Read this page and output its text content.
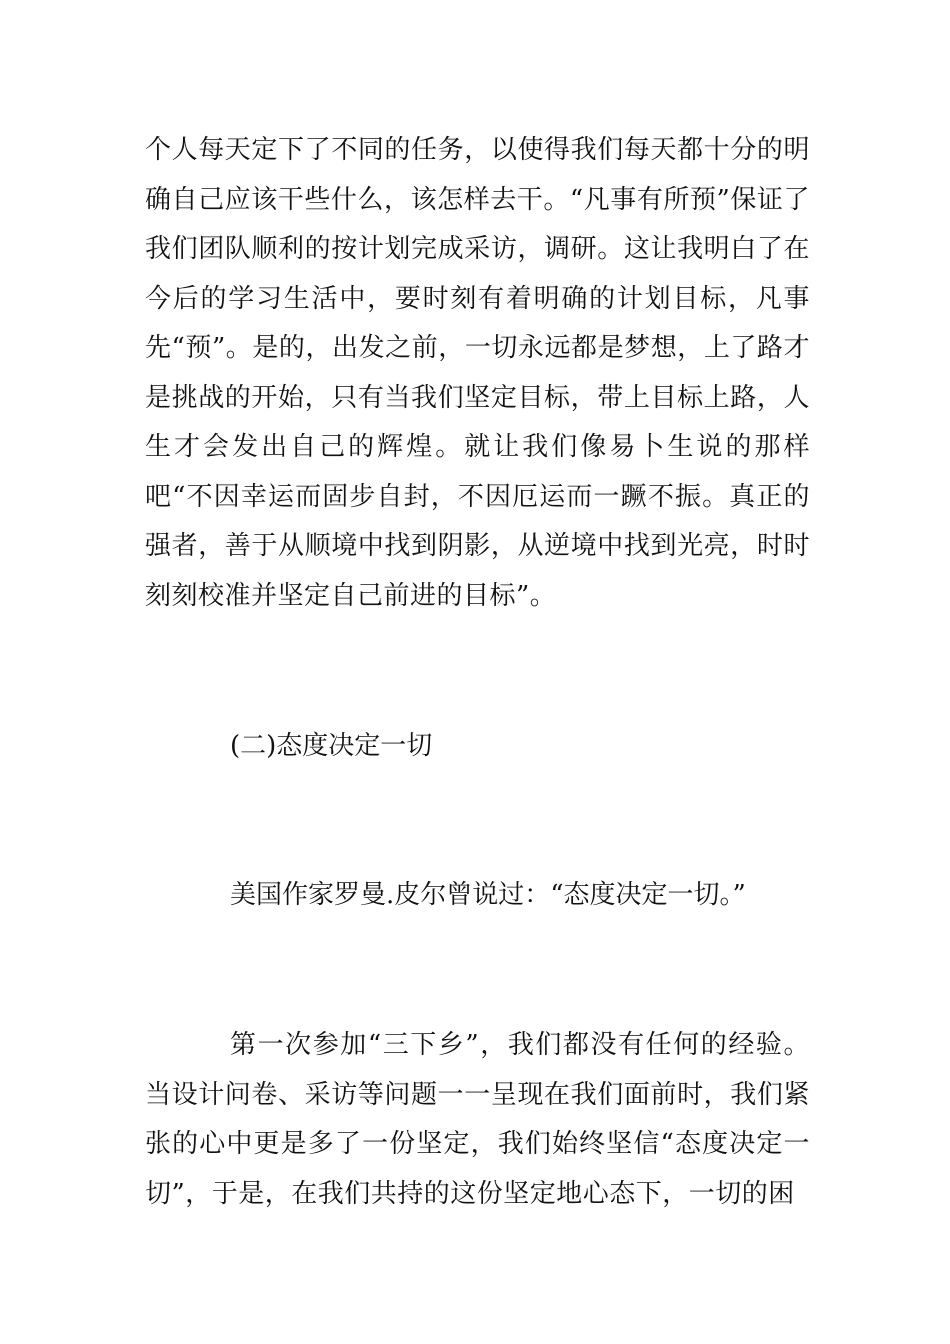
个人每天定下了不同的任务，以使得我们每天都十分的明确自己应该干些什么，该怎样去干。“凡事有所预”保证了我们团队顺利的按计划完成采访，调研。这让我明白了在今后的学习生活中，要时刻有着明确的计划目标，凡事先“预”。是的，出发之前，一切永远都是梦想，上了路才是挑战的开始，只有当我们坚定目标，带上目标上路，人生才会发出自己的辉煌。就让我们像易卜生说的那样吧“不因幸运而固步自封，不因厄运而一蹶不振。真正的强者，善于从顺境中找到阴影，从逆境中找到光亮，时时刻刻校准并坚定自己前进的目标”。

(二)态度决定一切

美国作家罗曼.皮尔曾说过：“态度决定一切。”

第一次参加“三下乡”，我们都没有任何的经验。当设计问卷、采访等问题一一呈现在我们面前时，我们紧张的心中更是多了一份坚定，我们始终坚信“态度决定一切”，于是，在我们共持的这份坚定地心态下，一切的困
